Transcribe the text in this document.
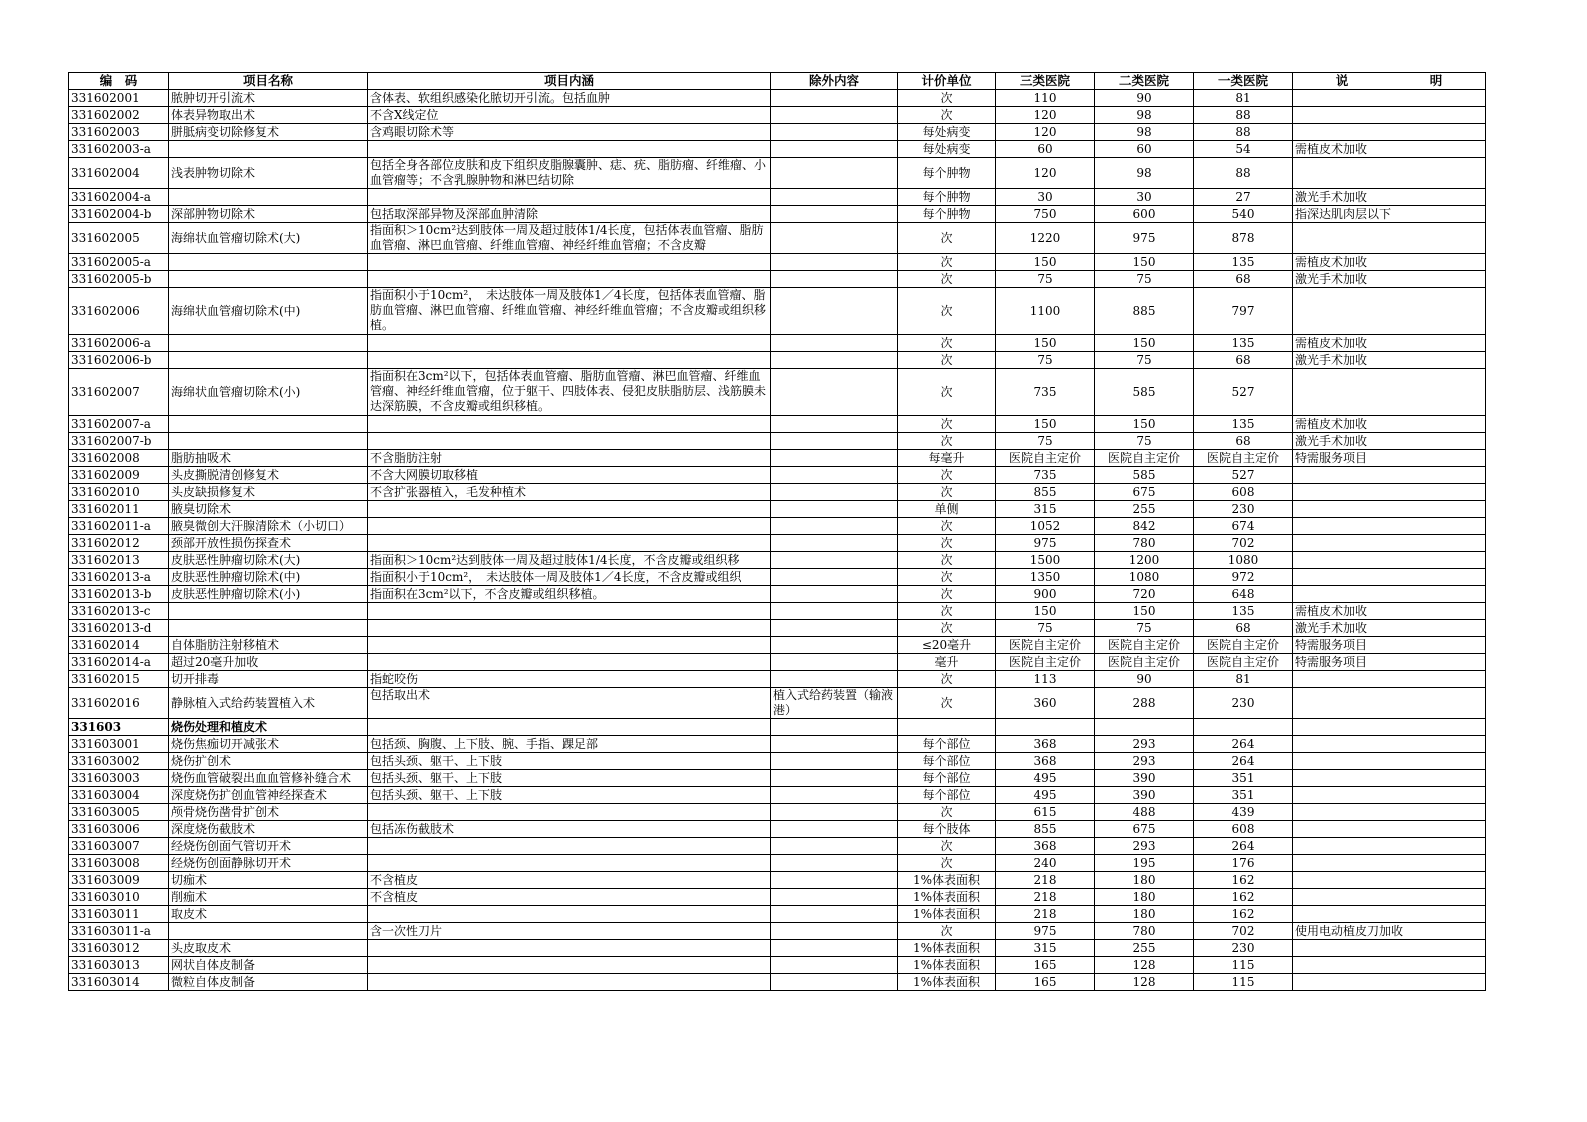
编　码	项目名称	项目内涵	除外内容	计价单位	三类医院	二类医院	一类医院	说 明

331602001	脓肿切开引流术	含体表、软组织感染化脓切开引流。包括血肿		次	110	90	81	
331602002	体表异物取出术	不含X线定位		次	120	98	88	
331602003	胼胝病变切除修复术	含鸡眼切除术等		每处病变	120	98	88	
331602003-a				每处病变	60	60	54	需植皮术加收
331602004	浅表肿物切除术	包括全身各部位皮肤和皮下组织皮脂腺囊肿、痣、疣、脂肪瘤、纤维瘤、小血管瘤等；不含乳腺肿物和淋巴结切除		每个肿物	120	98	88	
331602004-a				每个肿物	30	30	27	激光手术加收
331602004-b	深部肿物切除术	包括取深部异物及深部血肿清除		每个肿物	750	600	540	指深达肌肉层以下
331602005	海绵状血管瘤切除术(大)	指面积＞10cm²达到肢体一周及超过肢体1/4长度，包括体表血管瘤、脂肪血管瘤、淋巴血管瘤、纤维血管瘤、神经纤维血管瘤；不含皮瓣		次	1220	975	878	
331602005-a				次	150	150	135	需植皮术加收
331602005-b				次	75	75	68	激光手术加收
331602006	海绵状血管瘤切除术(中)	指面积小于10cm²，　未达肢体一周及肢体1／4长度，包括体表血管瘤、脂肪血管瘤、淋巴血管瘤、纤维血管瘤、神经纤维血管瘤；不含皮瓣或组织移植。		次	1100	885	797	
331602006-a				次	150	150	135	需植皮术加收
331602006-b				次	75	75	68	激光手术加收
331602007	海绵状血管瘤切除术(小)	指面积在3cm²以下，包括体表血管瘤、脂肪血管瘤、淋巴血管瘤、纤维血管瘤、神经纤维血管瘤，位于躯干、四肢体表、侵犯皮肤脂肪层、浅筋膜未达深筋膜，不含皮瓣或组织移植。		次	735	585	527	
331602007-a				次	150	150	135	需植皮术加收
331602007-b				次	75	75	68	激光手术加收
331602008	脂肪抽吸术	不含脂肪注射		每毫升	医院自主定价	医院自主定价	医院自主定价	特需服务项目
331602009	头皮撕脱清创修复术	不含大网膜切取移植		次	735	585	527	
331602010	头皮缺损修复术	不含扩张器植入，毛发种植术		次	855	675	608	
331602011	腋臭切除术			单侧	315	255	230	
331602011-a	腋臭微创大汗腺清除术（小切口）			次	1052	842	674	
331602012	颈部开放性损伤探查术			次	975	780	702	
331602013	皮肤恶性肿瘤切除术(大)	指面积＞10cm²达到肢体一周及超过肢体1/4长度，不含皮瓣或组织移		次	1500	1200	1080	
331602013-a	皮肤恶性肿瘤切除术(中)	指面积小于10cm²，　未达肢体一周及肢体1／4长度，不含皮瓣或组织		次	1350	1080	972	
331602013-b	皮肤恶性肿瘤切除术(小)	指面积在3cm²以下，不含皮瓣或组织移植。		次	900	720	648	
331602013-c				次	150	150	135	需植皮术加收
331602013-d				次	75	75	68	激光手术加收
331602014	自体脂肪注射移植术			≤20毫升	医院自主定价	医院自主定价	医院自主定价	特需服务项目
331602014-a	超过20毫升加收			毫升	医院自主定价	医院自主定价	医院自主定价	特需服务项目
331602015	切开排毒	指蛇咬伤		次	113	90	81	
331602016	静脉植入式给药装置植入术	包括取出术	植入式给药装置（输液港）	次	360	288	230	
331603	烧伤处理和植皮术							
331603001	烧伤焦痂切开减张术	包括颈、胸腹、上下肢、腕、手指、踝足部		每个部位	368	293	264	
331603002	烧伤扩创术	包括头颈、躯干、上下肢		每个部位	368	293	264	
331603003	烧伤血管破裂出血血管修补缝合术	包括头颈、躯干、上下肢		每个部位	495	390	351	
331603004	深度烧伤扩创血管神经探查术	包括头颈、躯干、上下肢		每个部位	495	390	351	
331603005	颅骨烧伤凿骨扩创术			次	615	488	439	
331603006	深度烧伤截肢术	包括冻伤截肢术		每个肢体	855	675	608	
331603007	经烧伤创面气管切开术			次	368	293	264	
331603008	经烧伤创面静脉切开术			次	240	195	176	
331603009	切痂术	不含植皮		1%体表面积	218	180	162	
331603010	削痂术	不含植皮		1%体表面积	218	180	162	
331603011	取皮术			1%体表面积	218	180	162	
331603011-a		含一次性刀片		次	975	780	702	使用电动植皮刀加收
331603012	头皮取皮术			1%体表面积	315	255	230	
331603013	网状自体皮制备			1%体表面积	165	128	115	
331603014	微粒自体皮制备			1%体表面积	165	128	115	
